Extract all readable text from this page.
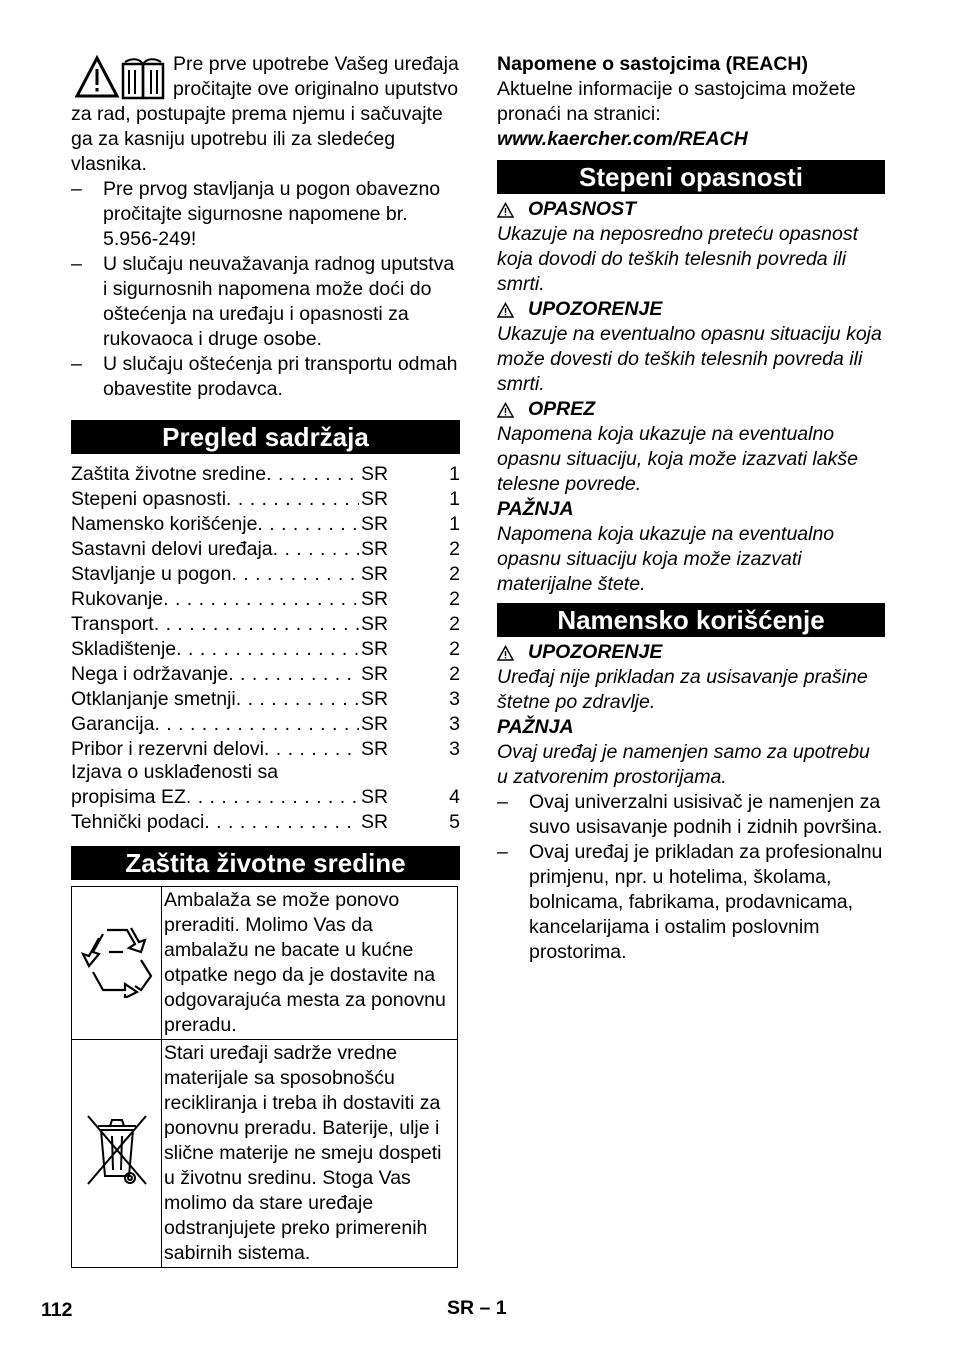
Pre prve upotrebe Vašeg uređaja pročitajte ove originalno uputstvo za rad, postupajte prema njemu i sačuvajte ga za kasniju upotrebu ili za sledećeg vlasnika.

–	Pre prvog stavljanja u pogon obavezno pročitajte sigurnosne napomene br. 5.956-249!
–	U slučaju neuvažavanja radnog uputstva i sigurnosnih napomena može doći do oštećenja na uređaju i opasnosti za rukovaoca i druge osobe.
–	U slučaju oštećenja pri transportu odmah obavestite prodavca.
Pregled sadržaja
Zaštita životne sredine . . .	SR	1
Stepeni opasnosti . . .	SR	1
Namensko korišćenje . . .	SR	1
Sastavni delovi uređaja . . .	SR	2
Stavljanje u pogon . . .	SR	2
Rukovanje . . .	SR	2
Transport . . .	SR	2
Skladištenje . . .	SR	2
Nega i održavanje . . .	SR	2
Otklanjanje smetnji . . .	SR	3
Garancija . . .	SR	3
Pribor i rezervni delovi . . .	SR	3
Izjava o usklađenosti sa
propisima EZ . . .	SR	4
Tehnički podaci . . .	SR	5
Zaštita životne sredine
	Ambalaža se može ponovo preraditi. Molimo Vas da ambalažu ne bacate u kućne otpatke nego da je dostavite na odgovarajuća mesta za ponovnu preradu.
	Stari uređaji sadrže vredne materijale sa sposobnošću recikliranja i treba ih dostaviti za ponovnu preradu. Baterije, ulje i slične materije ne smeju dospeti u životnu sredinu. Stoga Vas molimo da stare uređaje odstranjujete preko primerenih sabirnih sistema.

Napomene o sastojcima (REACH)

Aktuelne informacije o sastojcima možete pronaći na stranici:

www.kaercher.com/REACH

Stepeni opasnosti
OPASNOST

Ukazuje na neposredno preteću opasnost koja dovodi do teških telesnih povreda ili smrti.

UPOZORENJE

Ukazuje na eventualno opasnu situaciju koja može dovesti do teških telesnih povreda ili smrti.

OPREZ

Napomena koja ukazuje na eventualno opasnu situaciju, koja može izazvati lakše telesne povrede.

PAŽNJA

Napomena koja ukazuje na eventualno opasnu situaciju koja može izazvati materijalne štete.

Namensko korišćenje
UPOZORENJE

Uređaj nije prikladan za usisavanje prašine štetne po zdravlje.

PAŽNJA

Ovaj uređaj je namenjen samo za upotrebu u zatvorenim prostorijama.

–	Ovaj univerzalni usisivač je namenjen za suvo usisavanje podnih i zidnih površina.
–	Ovaj uređaj je prikladan za profesionalnu primjenu, npr. u hotelima, školama, bolnicama, fabrikama, prodavnicama, kancelarijama i ostalim poslovnim prostorima.
112	SR – 1
